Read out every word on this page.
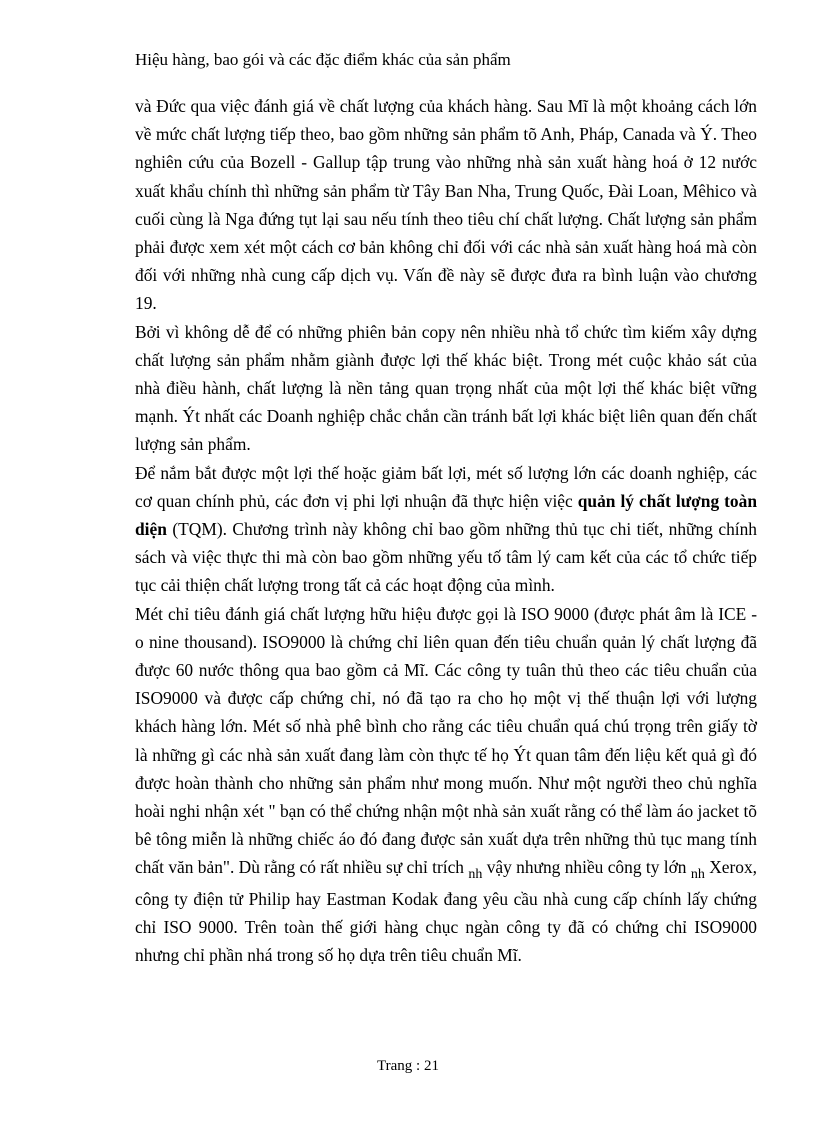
Hiệu hàng, bao gói và các đặc điểm khác của sản phẩm

và Đức qua việc đánh giá về chất lượng của khách hàng. Sau Mĩ là một khoảng cách lớn về mức chất lượng tiếp theo, bao gồm những sản phẩm tõ Anh, Pháp, Canada và Ý. Theo nghiên cứu của Bozell - Gallup tập trung vào những nhà sản xuất hàng hoá ở 12 nước xuất khẩu chính thì những sản phẩm từ Tây Ban Nha, Trung Quốc, Đài Loan, Mêhico và cuối cùng là Nga đứng tụt lại sau nếu tính theo tiêu chí chất lượng. Chất lượng sản phẩm phải được xem xét một cách cơ bản không chỉ đối với các nhà sản xuất hàng hoá mà còn đối với những nhà cung cấp dịch vụ. Vấn đề này sẽ được đưa ra bình luận vào chương 19.

Bởi vì không dễ để có những phiên bản copy nên nhiều nhà tổ chức tìm kiếm xây dựng chất lượng sản phẩm nhằm giành được lợi thế khác biệt. Trong mét cuộc khảo sát của nhà điều hành, chất lượng là nền tảng quan trọng nhất của một lợi thế khác biệt vững mạnh. Ýt nhất các Doanh nghiệp chắc chắn cần tránh bất lợi khác biệt liên quan đến chất lượng sản phẩm.

Để nắm bắt được một lợi thế hoặc giảm bất lợi, mét số lượng lớn các doanh nghiệp, các cơ quan chính phủ, các đơn vị phi lợi nhuận đã thực hiện việc quản lý chất lượng toàn diện (TQM). Chương trình này không chỉ bao gồm những thủ tục chi tiết, những chính sách và việc thực thi mà còn bao gồm những yếu tố tâm lý cam kết của các tổ chức tiếp tục cải thiện chất lượng trong tất cả các hoạt động của mình.

Mét chỉ tiêu đánh giá chất lượng hữu hiệu được gọi là ISO 9000 (được phát âm là ICE - o nine thousand). ISO9000 là chứng chỉ liên quan đến tiêu chuẩn quản lý chất lượng đã được 60 nước thông qua bao gồm cả Mĩ. Các công ty tuân thủ theo các tiêu chuẩn của ISO9000 và được cấp chứng chỉ, nó đã tạo ra cho họ một vị thế thuận lợi với lượng khách hàng lớn. Mét số nhà phê bình cho rằng các tiêu chuẩn quá chú trọng trên giấy tờ là những gì các nhà sản xuất đang làm còn thực tế họ Ýt quan tâm đến liệu kết quả gì đó được hoàn thành cho những sản phẩm như mong muốn. Như một người theo chủ nghĩa hoài nghi nhận xét " bạn có thể chứng nhận một nhà sản xuất rằng có thể làm áo jacket tõ bê tông miễn là những chiếc áo đó đang được sản xuất dựa trên những thủ tục mang tính chất văn bản". Dù rằng có rất nhiều sự chỉ trích $_{nh}$ vậy nhưng nhiều công ty lớn $_{nh}$ Xerox, công ty điện tử Philip hay Eastman Kodak đang yêu cầu nhà cung cấp chính lấy chứng chỉ ISO 9000. Trên toàn thế giới hàng chục ngàn công ty đã có chứng chỉ ISO9000 nhưng chỉ phần nhá trong số họ dựa trên tiêu chuẩn Mĩ.

Trang : 21
